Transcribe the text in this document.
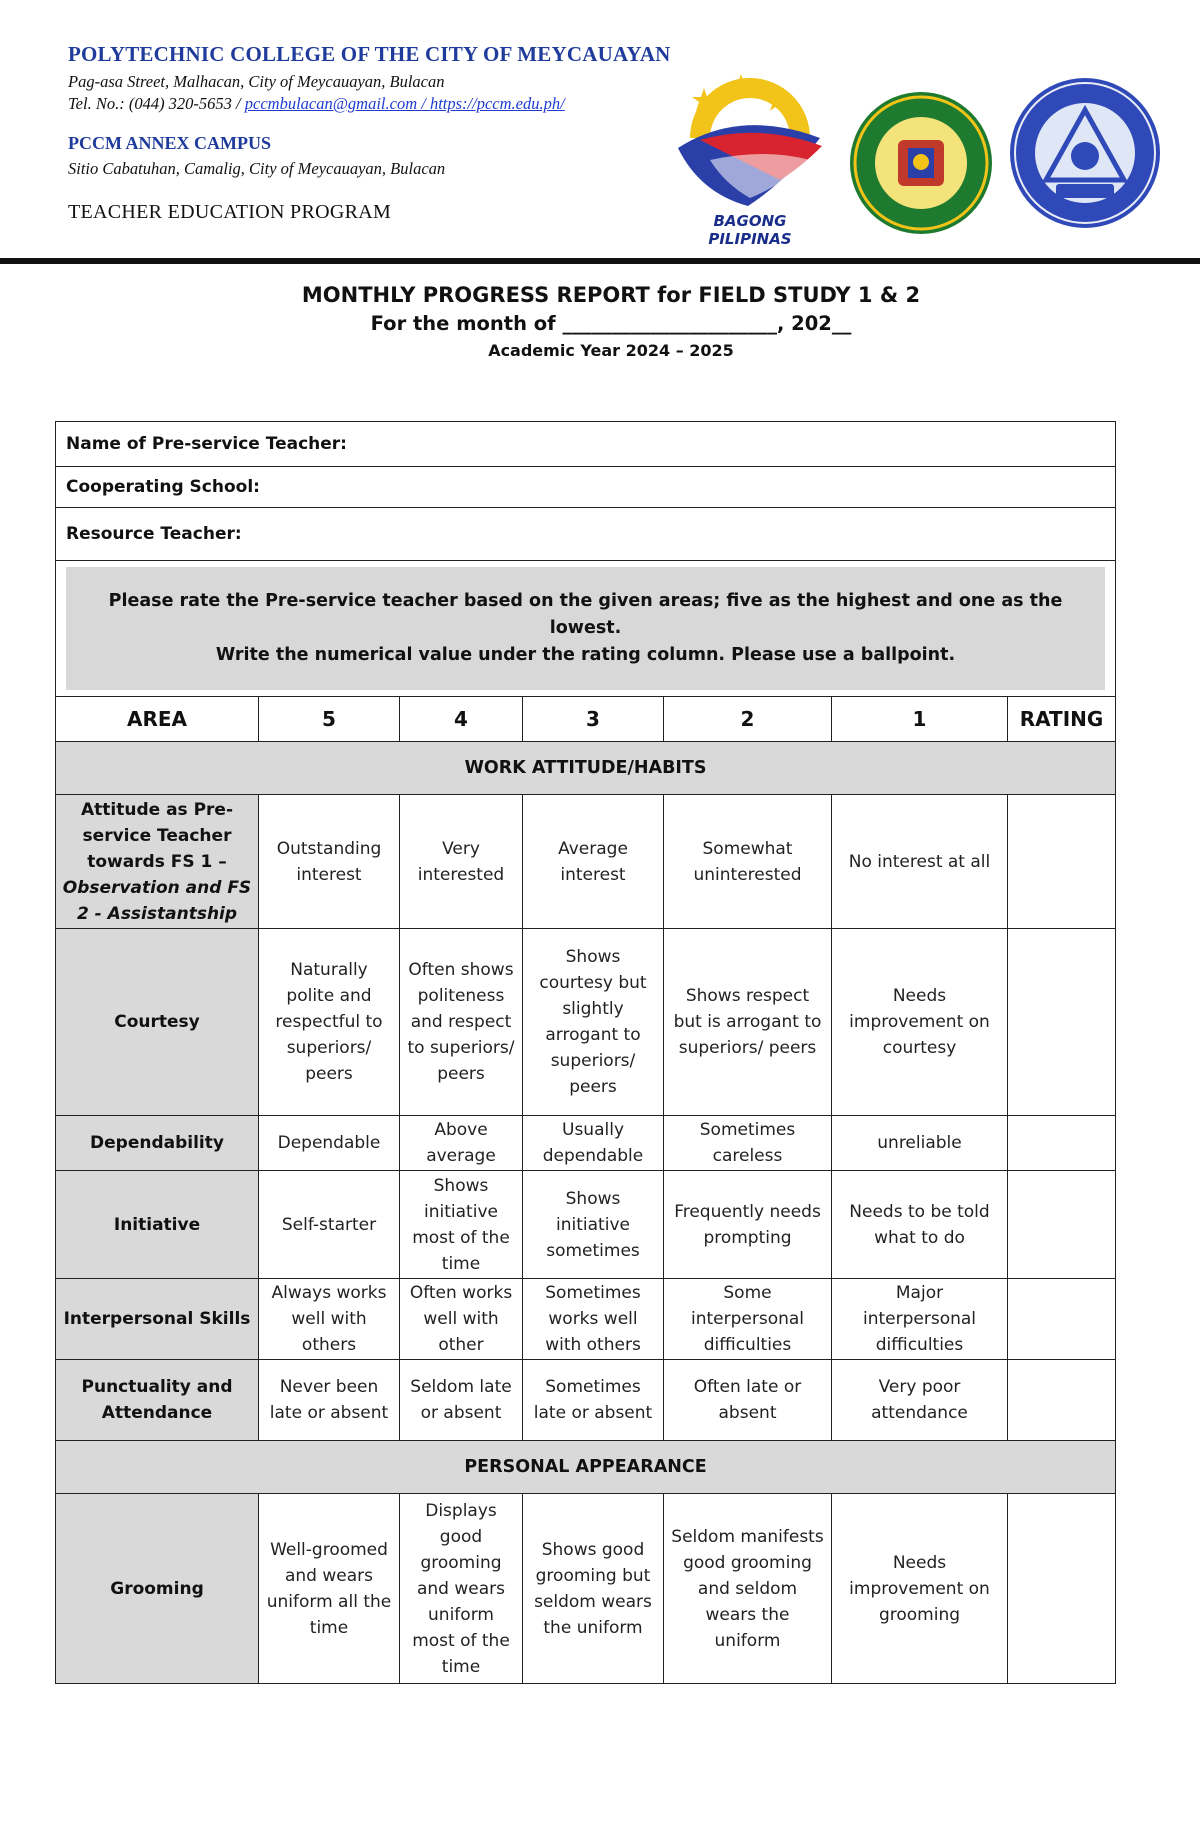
POLYTECHNIC COLLEGE OF THE CITY OF MEYCAUAYAN
Pag-asa Street, Malhacan, City of Meycauayan, Bulacan
Tel. No.: (044) 320-5653 / pccmbulacan@gmail.com / https://pccm.edu.ph/
PCCM ANNEX CAMPUS
Sitio Cabatuhan, Camalig, City of Meycauayan, Bulacan
TEACHER EDUCATION PROGRAM	BAGONG PILIPINAS
MONTHLY PROGRESS REPORT for FIELD STUDY 1 & 2
For the month of ______________________, 202__
Academic Year 2024 – 2025
Name of Pre-service Teacher:						
Cooperating School:						
Resource Teacher:						

Please rate the Pre-service teacher based on the given areas; five as the highest and one as the lowest.
Write the numerical value under the rating column. Please use a ballpoint.						

AREA	5	4	3	2	1	RATING
WORK ATTITUDE/HABITS						
Attitude as Pre-service Teacher towards FS 1 – Observation and FS 2 - Assistantship	Outstanding interest	Very interested	Average interest	Somewhat uninterested	No interest at all	
Courtesy	Naturally polite and respectful to superiors/ peers	Often shows politeness and respect to superiors/ peers	Shows courtesy but slightly arrogant to superiors/ peers	Shows respect but is arrogant to superiors/ peers	Needs improvement on courtesy	
Dependability	Dependable	Above average	Usually dependable	Sometimes careless	unreliable	
Initiative	Self-starter	Shows initiative most of the time	Shows initiative sometimes	Frequently needs prompting	Needs to be told what to do	
Interpersonal Skills	Always works well with others	Often works well with other	Sometimes works well with others	Some interpersonal difficulties	Major interpersonal difficulties	
Punctuality and Attendance	Never been late or absent	Seldom late or absent	Sometimes late or absent	Often late or absent	Very poor attendance	
PERSONAL APPEARANCE						
Grooming	Well-groomed and wears uniform all the time	Displays good grooming and wears uniform most of the time	Shows good grooming but seldom wears the uniform	Seldom manifests good grooming and seldom wears the uniform	Needs improvement on grooming	
